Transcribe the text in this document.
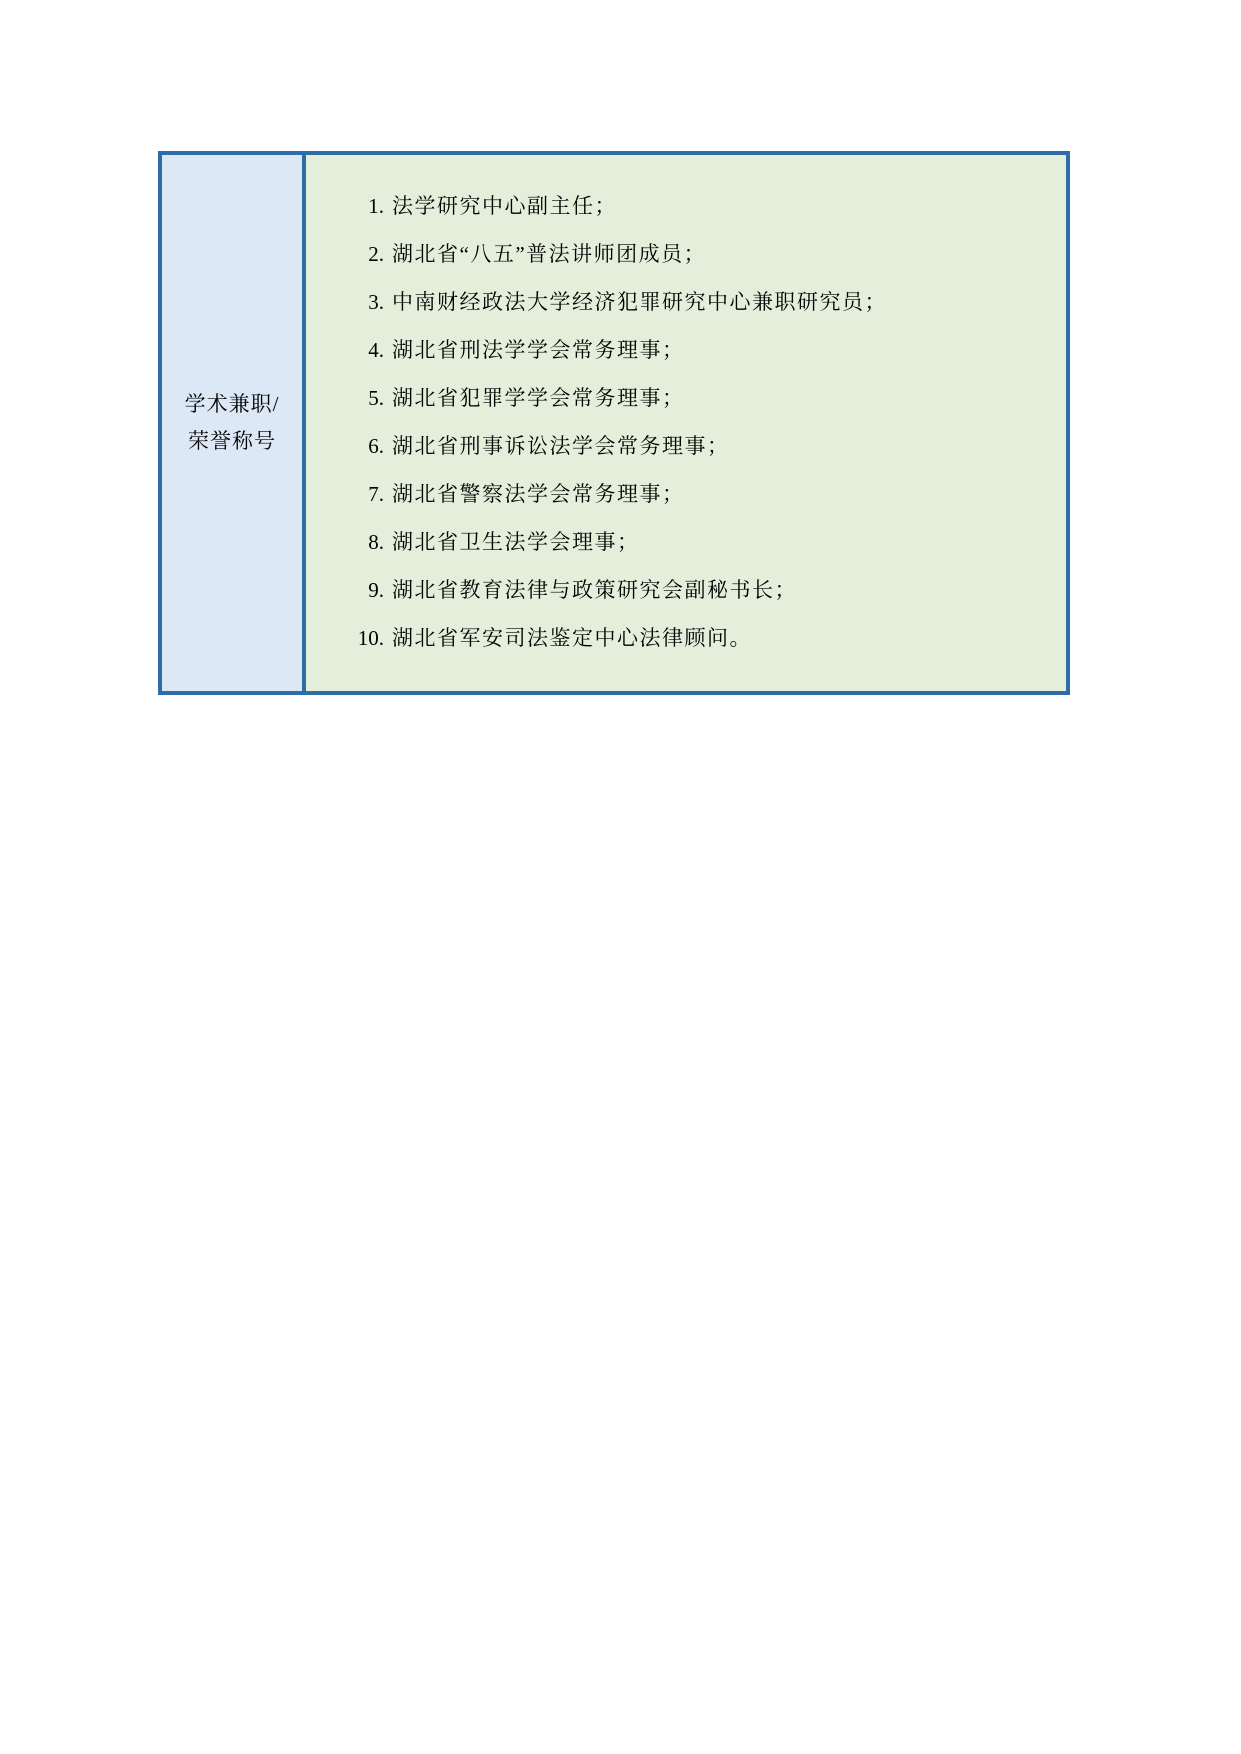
学术兼职/
荣誉称号
1. 法学研究中心副主任；
2. 湖北省“八五”普法讲师团成员；
3. 中南财经政法大学经济犯罪研究中心兼职研究员；
4. 湖北省刑法学学会常务理事；
5. 湖北省犯罪学学会常务理事；
6. 湖北省刑事诉讼法学会常务理事；
7. 湖北省警察法学会常务理事；
8. 湖北省卫生法学会理事；
9. 湖北省教育法律与政策研究会副秘书长；
10. 湖北省军安司法鉴定中心法律顾问。
